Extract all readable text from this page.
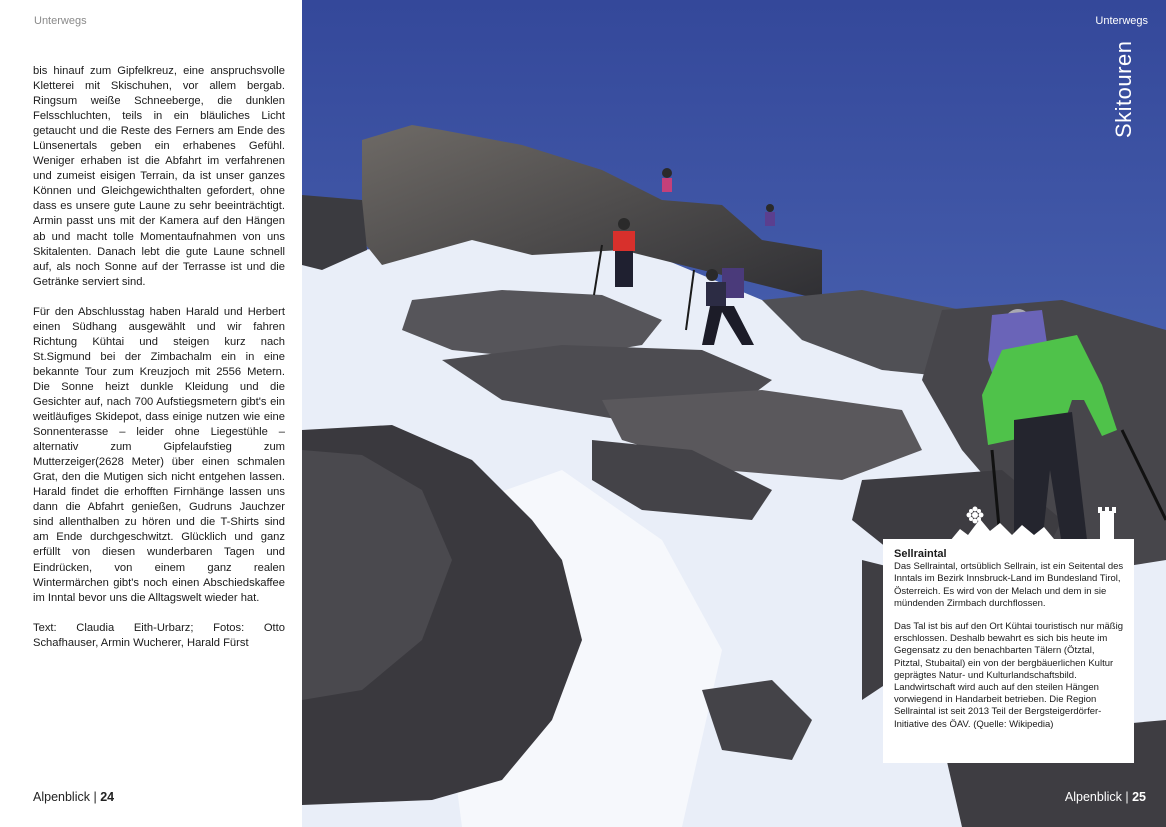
Unterwegs

bis hinauf zum Gipfelkreuz, eine anspruchsvolle Kletterei mit Skischuhen, vor allem bergab. Ringsum weiße Schneeberge, die dunklen Felsschluchten, teils in ein bläuliches Licht getaucht und die Reste des Ferners am Ende des Lünsenertals geben ein erhabenes Gefühl. Weniger erhaben ist die Abfahrt im verfahrenen und zumeist eisigen Terrain, da ist unser ganzes Können und Gleichgewichthalten gefordert, ohne dass es unsere gute Laune zu sehr beeinträchtigt. Armin passt uns mit der Kamera auf den Hängen ab und macht tolle Momentaufnahmen von uns Skitalenten. Danach lebt die gute Laune schnell auf, als noch Sonne auf der Terrasse ist und die Getränke serviert sind.

Für den Abschlusstag haben Harald und Herbert einen Südhang ausgewählt und wir fahren Richtung Kühtai und steigen kurz nach St.Sigmund bei der Zimbachalm ein in eine bekannte Tour zum Kreuzjoch mit 2556 Metern. Die Sonne heizt dunkle Kleidung und die Gesichter auf, nach 700 Aufstiegsmetern gibt's ein weitläufiges Skidepot, dass einige nutzen wie eine Sonnenterasse – leider ohne Liegestühle – alternativ zum Gipfelaufstieg zum Mutterzeiger(2628 Meter) über einen schmalen Grat, den die Mutigen sich nicht entgehen lassen. Harald findet die erhofften Firnhänge lassen uns dann die Abfahrt genießen, Gudruns Jauchzer sind allenthalben zu hören und die T-Shirts sind am Ende durchgeschwitzt. Glücklich und ganz erfüllt von diesen wunderbaren Tagen und Eindrücken, von einem ganz realen Wintermärchen gibt's noch einen Abschiedskaffee im Inntal bevor uns die Alltagswelt wieder hat.

Text: Claudia Eith-Urbarz; Fotos: Otto Schafhauser, Armin Wucherer, Harald Fürst

Alpenblick | 24
Unterwegs
Skitouren
Sellraintal

Das Sellraintal, ortsüblich Sellrain, ist ein Seitental des Inntals im Bezirk Innsbruck-Land im Bundesland Tirol, Österreich. Es wird von der Melach und dem in sie mündenden Zirmbach durchflossen.

Das Tal ist bis auf den Ort Kühtai touristisch nur mäßig erschlossen. Deshalb bewahrt es sich bis heute im Gegensatz zu den benachbarten Tälern (Ötztal, Pitztal, Stubaital) ein von der bergbäuerlichen Kultur geprägtes Natur- und Kulturlandschaftsbild. Landwirtschaft wird auch auf den steilen Hängen vorwiegend in Handarbeit betrieben. Die Region Sellraintal ist seit 2013 Teil der Bergsteigerdörfer-Initiative des ÖAV. (Quelle: Wikipedia)

Alpenblick | 25
